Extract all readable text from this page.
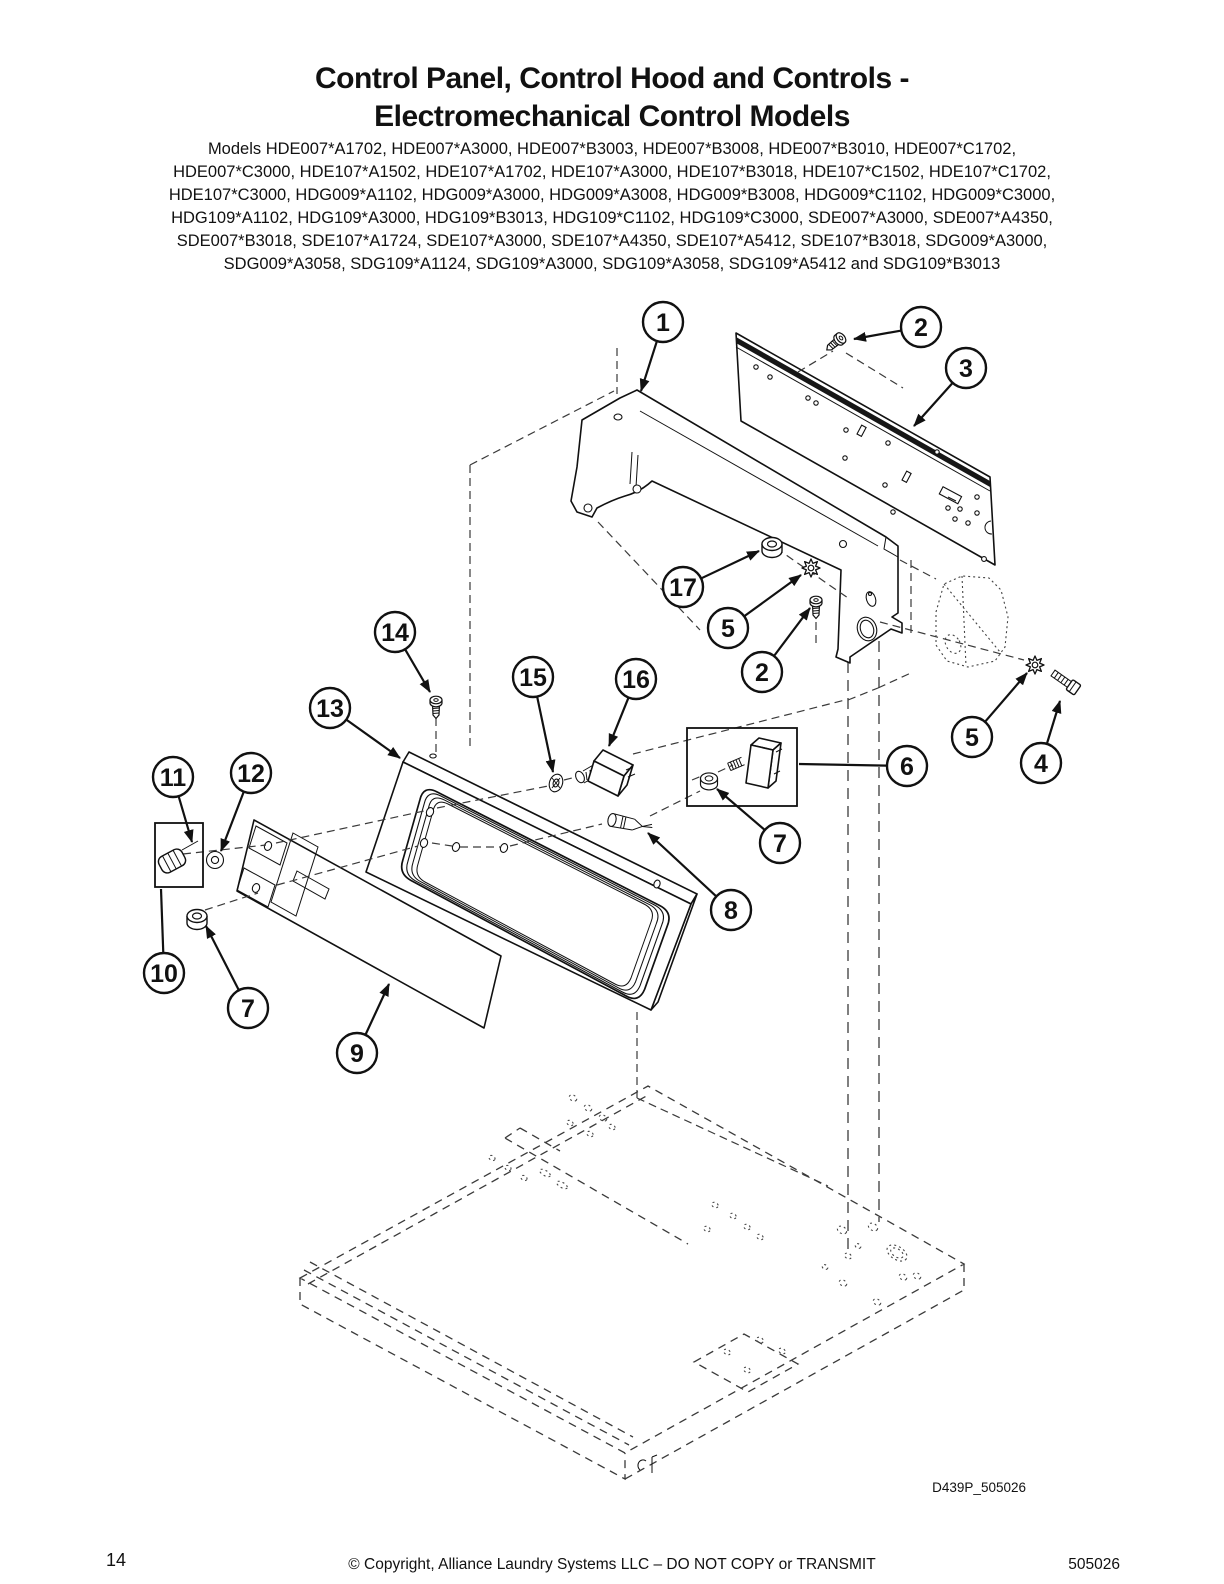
1	2
3
17
5
2
14
13
15	16
6
5
4
7
8
11 12
10
7
9
Control Panel, Control Hood and Controls -
Electromechanical Control Models
Models HDE007*A1702, HDE007*A3000, HDE007*B3003, HDE007*B3008, HDE007*B3010, HDE007*C1702,
HDE007*C3000, HDE107*A1502, HDE107*A1702, HDE107*A3000, HDE107*B3018, HDE107*C1502, HDE107*C1702,
HDE107*C3000, HDG009*A1102, HDG009*A3000, HDG009*A3008, HDG009*B3008, HDG009*C1102, HDG009*C3000,
HDG109*A1102, HDG109*A3000, HDG109*B3013, HDG109*C1102, HDG109*C3000, SDE007*A3000, SDE007*A4350,
SDE007*B3018, SDE107*A1724, SDE107*A3000, SDE107*A4350, SDE107*A5412, SDE107*B3018, SDG009*A3000,
SDG009*A3058, SDG109*A1124, SDG109*A3000, SDG109*A3058, SDG109*A5412 and SDG109*B3013
D439P_505026
14	© Copyright, Alliance Laundry Systems LLC – DO NOT COPY or TRANSMIT	505026
